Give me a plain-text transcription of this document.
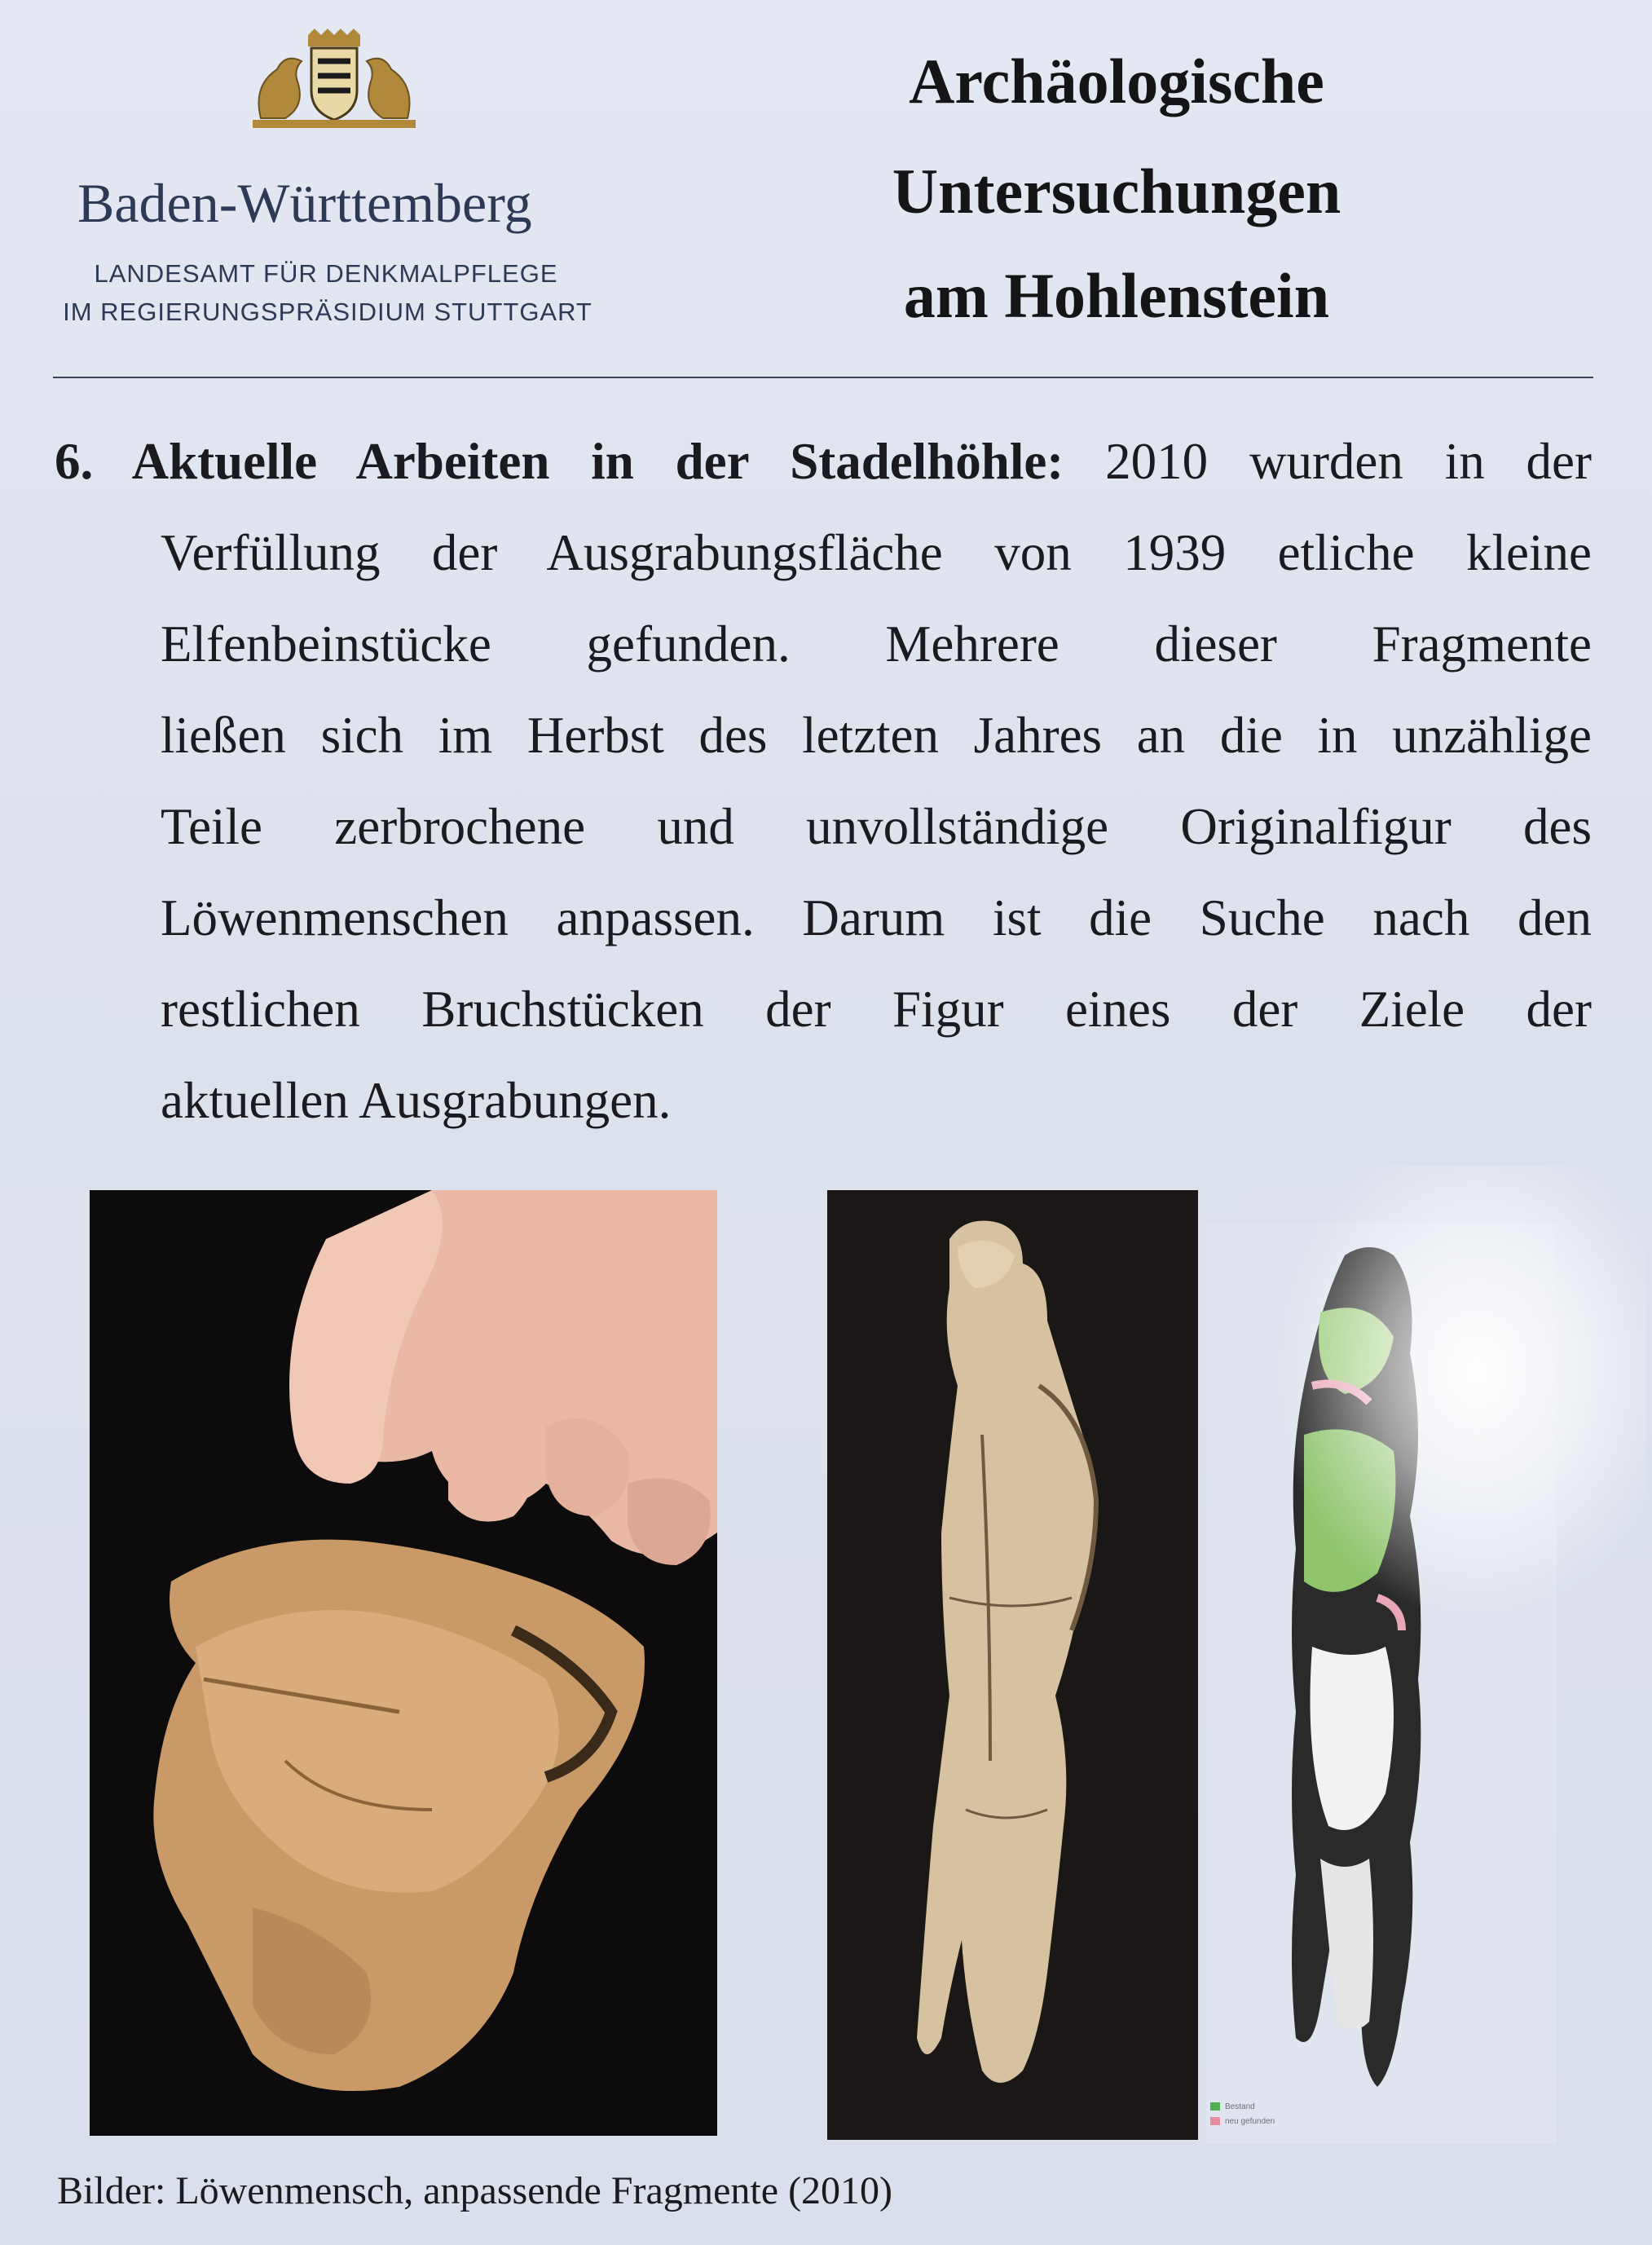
Baden-Württemberg
LANDESAMT FÜR DENKMALPFLEGE
IM REGIERUNGSPRÄSIDIUM STUTTGART
Archäologische
Untersuchungen
am Hohlenstein
6. Aktuelle Arbeiten in der Stadelhöhle: 2010 wurden in der
Verfüllung der Ausgrabungsfläche von 1939 etliche kleine
Elfenbeinstücke gefunden. Mehrere dieser Fragmente
ließen sich im Herbst des letzten Jahres an die in unzählige
Teile zerbrochene und unvollständige Originalfigur des
Löwenmenschen anpassen. Darum ist die Suche nach den
restlichen Bruchstücken der Figur eines der Ziele der
aktuellen Ausgrabungen.
Bestand
neu gefunden
Bilder: Löwenmensch, anpassende Fragmente (2010)
